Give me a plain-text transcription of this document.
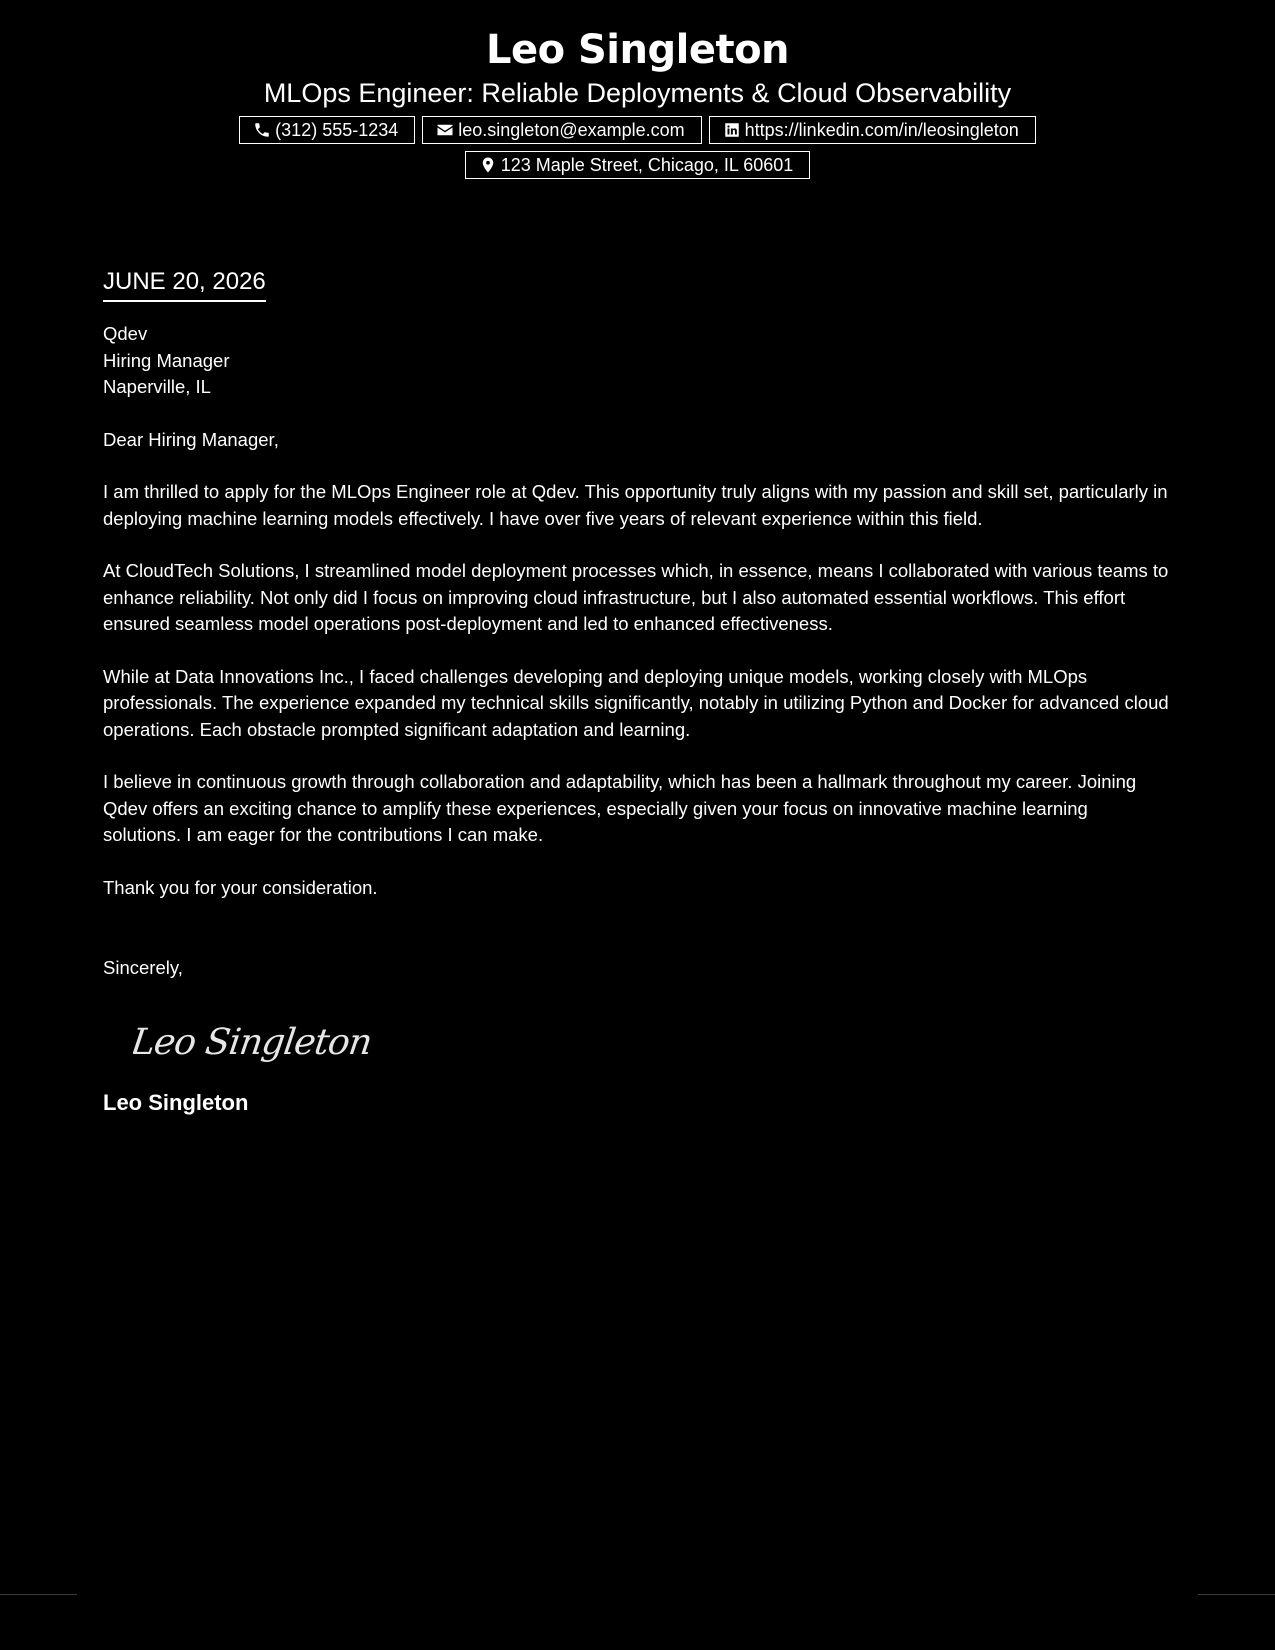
Leo Singleton
MLOps Engineer: Reliable Deployments & Cloud Observability
(312) 555-1234	leo.singleton@example.com	https://linkedin.com/in/leosingleton
123 Maple Street, Chicago, IL 60601
JUNE 20, 2026

Qdev

Hiring Manager

Naperville, IL

Dear Hiring Manager,

I am thrilled to apply for the MLOps Engineer role at Qdev. This opportunity truly aligns with my passion and skill set, particularly in deploying machine learning models effectively. I have over five years of relevant experience within this field.

At CloudTech Solutions, I streamlined model deployment processes which, in essence, means I collaborated with various teams to enhance reliability. Not only did I focus on improving cloud infrastructure, but I also automated essential workflows. This effort ensured seamless model operations post-deployment and led to enhanced effectiveness.

While at Data Innovations Inc., I faced challenges developing and deploying unique models, working closely with MLOps professionals. The experience expanded my technical skills significantly, notably in utilizing Python and Docker for advanced cloud operations. Each obstacle prompted significant adaptation and learning.

I believe in continuous growth through collaboration and adaptability, which has been a hallmark throughout my career. Joining Qdev offers an exciting chance to amplify these experiences, especially given your focus on innovative machine learning solutions. I am eager for the contributions I can make.

Thank you for your consideration.

Sincerely,

Leo Singleton
Leo Singleton
